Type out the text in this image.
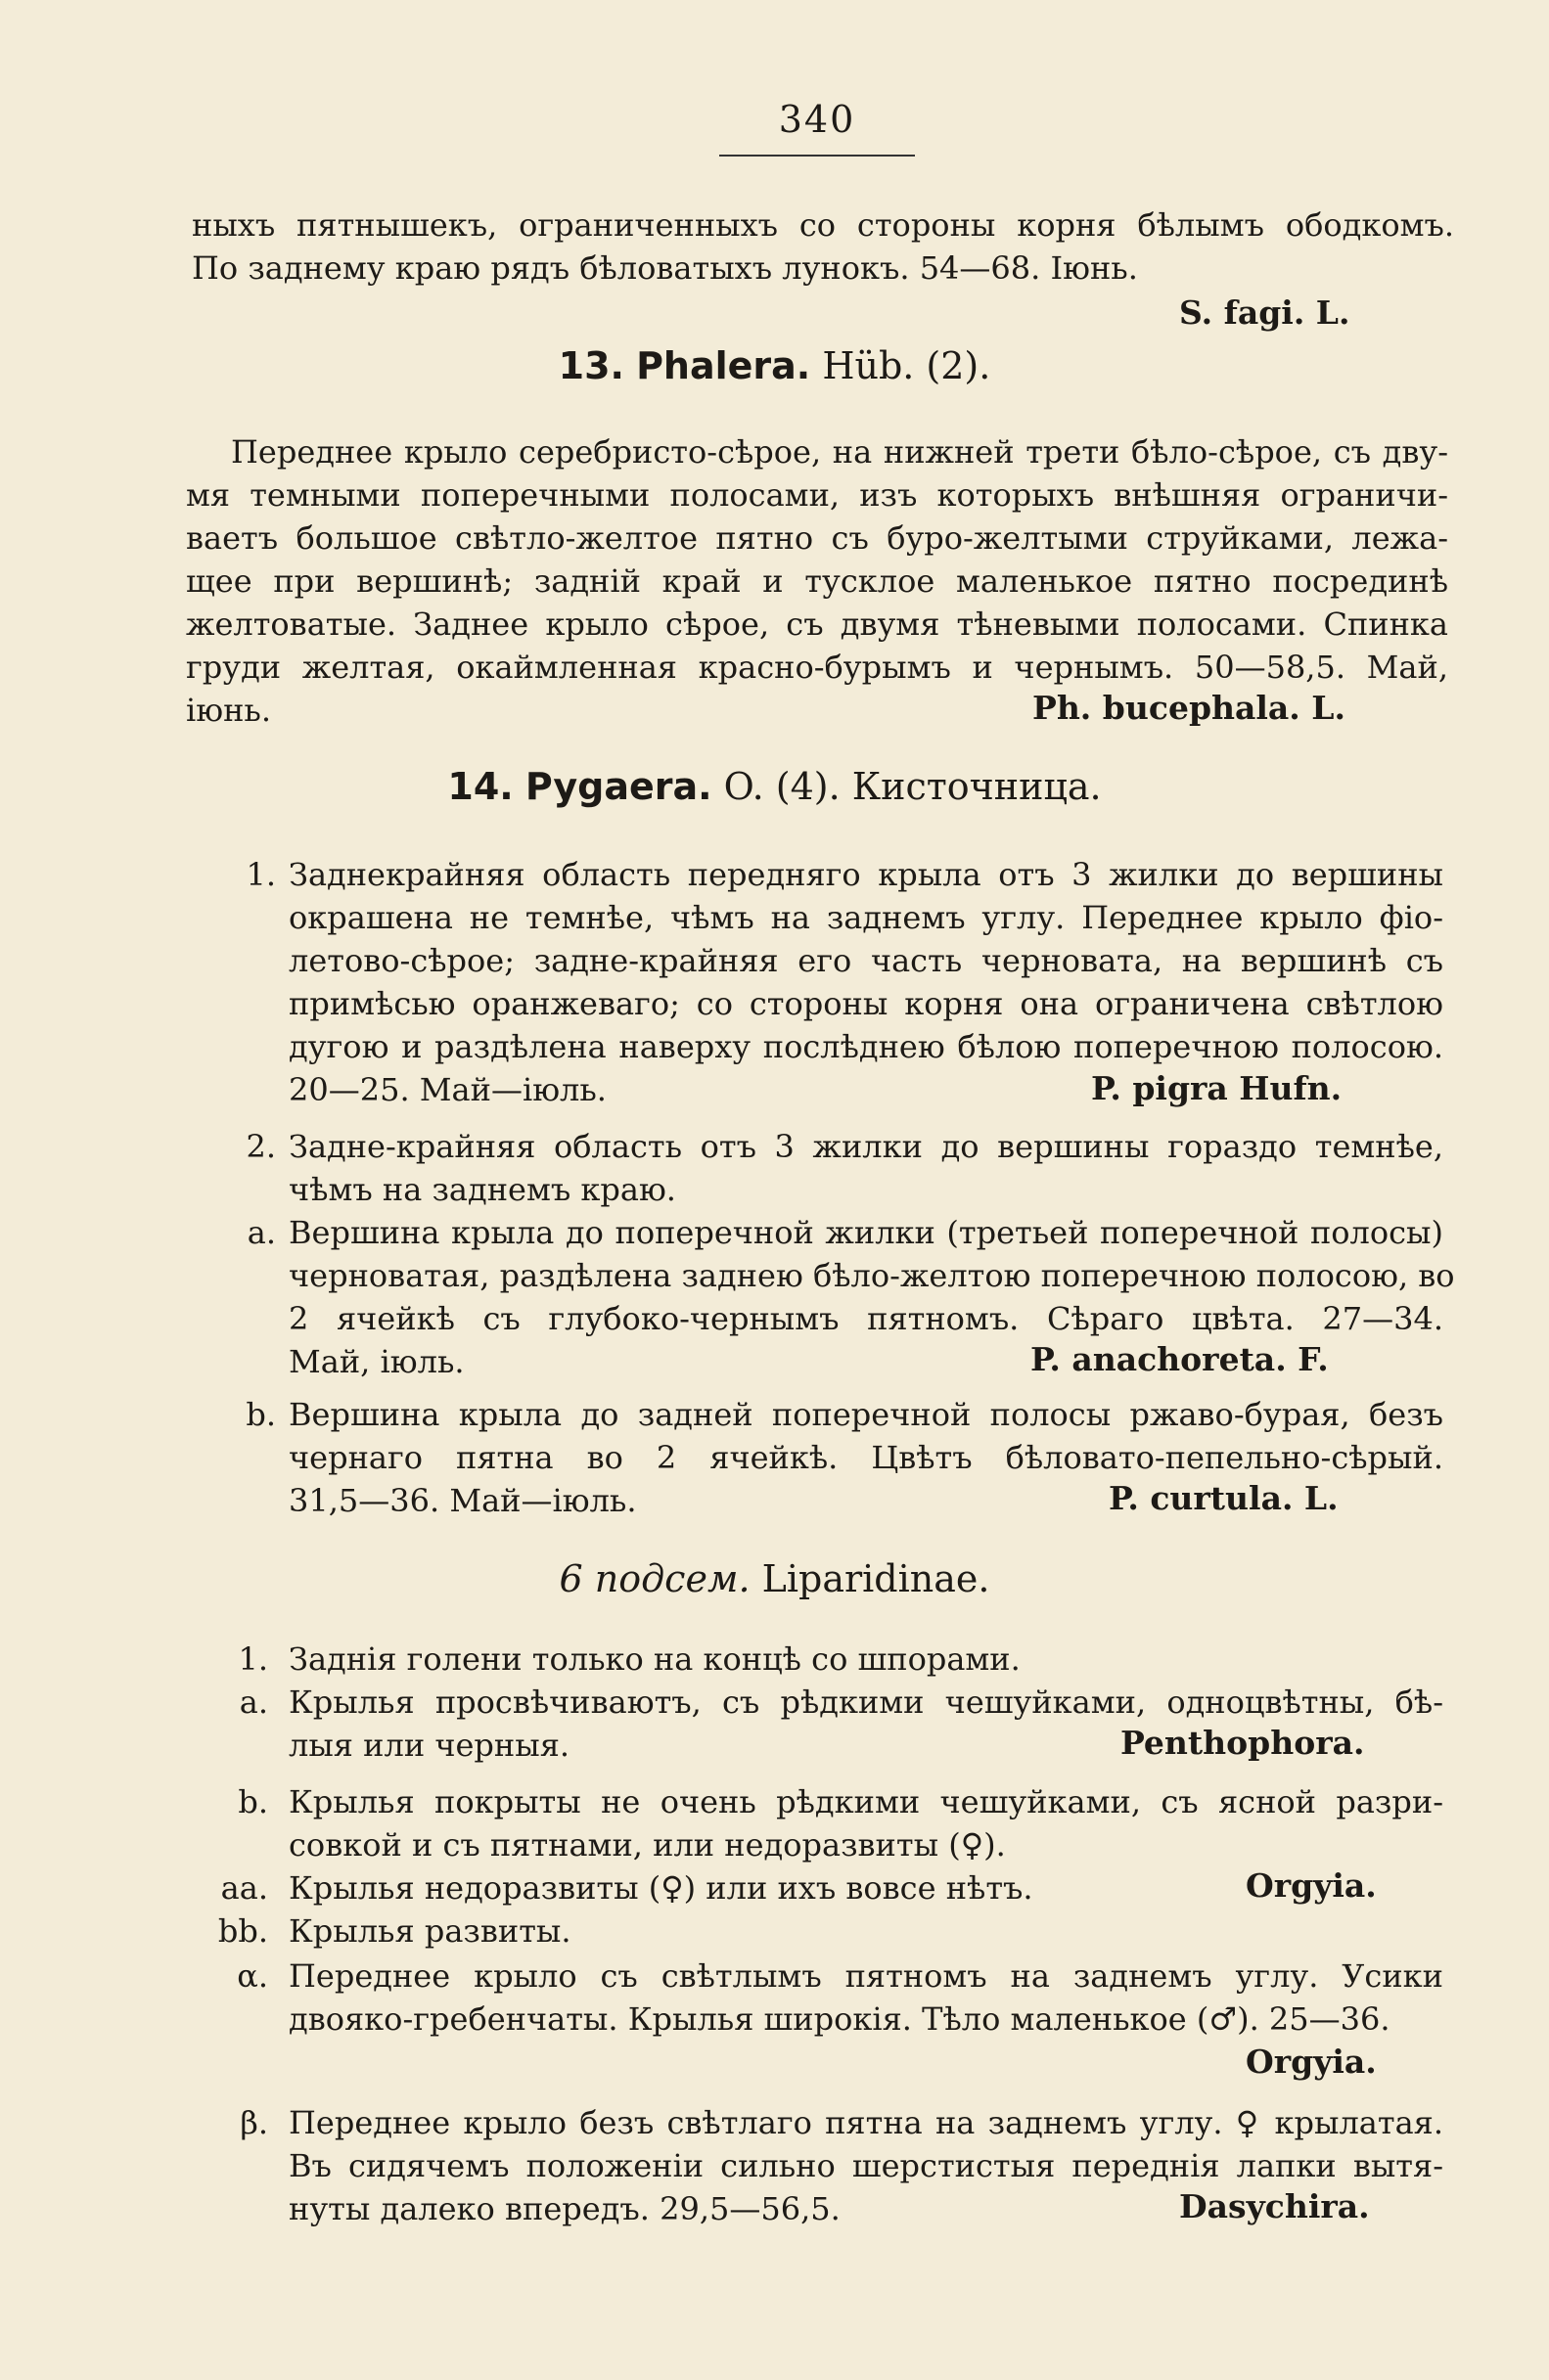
340
ныхъ пятнышекъ, ограниченныхъ со стороны корня бѣлымъ ободкомъ.
По заднему краю рядъ бѣловатыхъ лунокъ. 54—68. Іюнь.
S. fagi. L.
13. Phalera. Hüb. (2).
Переднее крыло серебристо-сѣрое, на нижней трети бѣло-сѣрое, съ дву-
мя темными поперечными полосами, изъ которыхъ внѣшняя ограничи-
ваетъ большое свѣтло-желтое пятно съ буро-желтыми струйками, лежа-
щее при вершинѣ; задній край и тусклое маленькое пятно посрединѣ
желтоватые. Заднее крыло сѣрое, съ двумя тѣневыми полосами. Спинка
груди желтая, окаймленная красно-бурымъ и чернымъ. 50—58,5. Май,
іюнь.	Ph. bucephala. L.
14. Pygaera. O. (4). Кисточница.
1. Заднекрайняя область передняго крыла отъ 3 жилки до вершины
окрашена не темнѣе, чѣмъ на заднемъ углу. Переднее крыло фіо-
летово-сѣрое; задне-крайняя его часть черновата, на вершинѣ съ
примѣсью оранжеваго; со стороны корня она ограничена свѣтлою
дугою и раздѣлена наверху послѣднею бѣлою поперечною полосою.
20—25. Май—іюль.	P. pigra Hufn.
2. Задне-крайняя область отъ 3 жилки до вершины гораздо темнѣе,
чѣмъ на заднемъ краю.
a. Вершина крыла до поперечной жилки (третьей поперечной полосы)
черноватая, раздѣлена заднею бѣло-желтою поперечною полосою, во
2 ячейкѣ съ глубоко-чернымъ пятномъ. Сѣраго цвѣта. 27—34.
Май, іюль.	P. anachoreta. F.
b. Вершина крыла до задней поперечной полосы ржаво-бурая, безъ
чернаго пятна во 2 ячейкѣ. Цвѣтъ бѣловато-пепельно-сѣрый.
31,5—36. Май—іюль.	P. curtula. L.
6 подсем. Liparidinae.
1. Заднія голени только на концѣ со шпорами.
a. Крылья просвѣчиваютъ, съ рѣдкими чешуйками, одноцвѣтны, бѣ-
лыя или черныя.	Penthophora.
b. Крылья покрыты не очень рѣдкими чешуйками, съ ясной разри-
совкой и съ пятнами, или недоразвиты (♀).
aa. Крылья недоразвиты (♀) или ихъ вовсе нѣтъ.	Orgyia.
bb. Крылья развиты.
α. Переднее крыло съ свѣтлымъ пятномъ на заднемъ углу. Усики
двояко-гребенчаты. Крылья широкія. Тѣло маленькое (♂). 25—36.
Orgyia.
β. Переднее крыло безъ свѣтлаго пятна на заднемъ углу. ♀ крылатая.
Въ сидячемъ положеніи сильно шерстистыя переднія лапки вытя-
нуты далеко впередъ. 29,5—56,5.	Dasychira.
